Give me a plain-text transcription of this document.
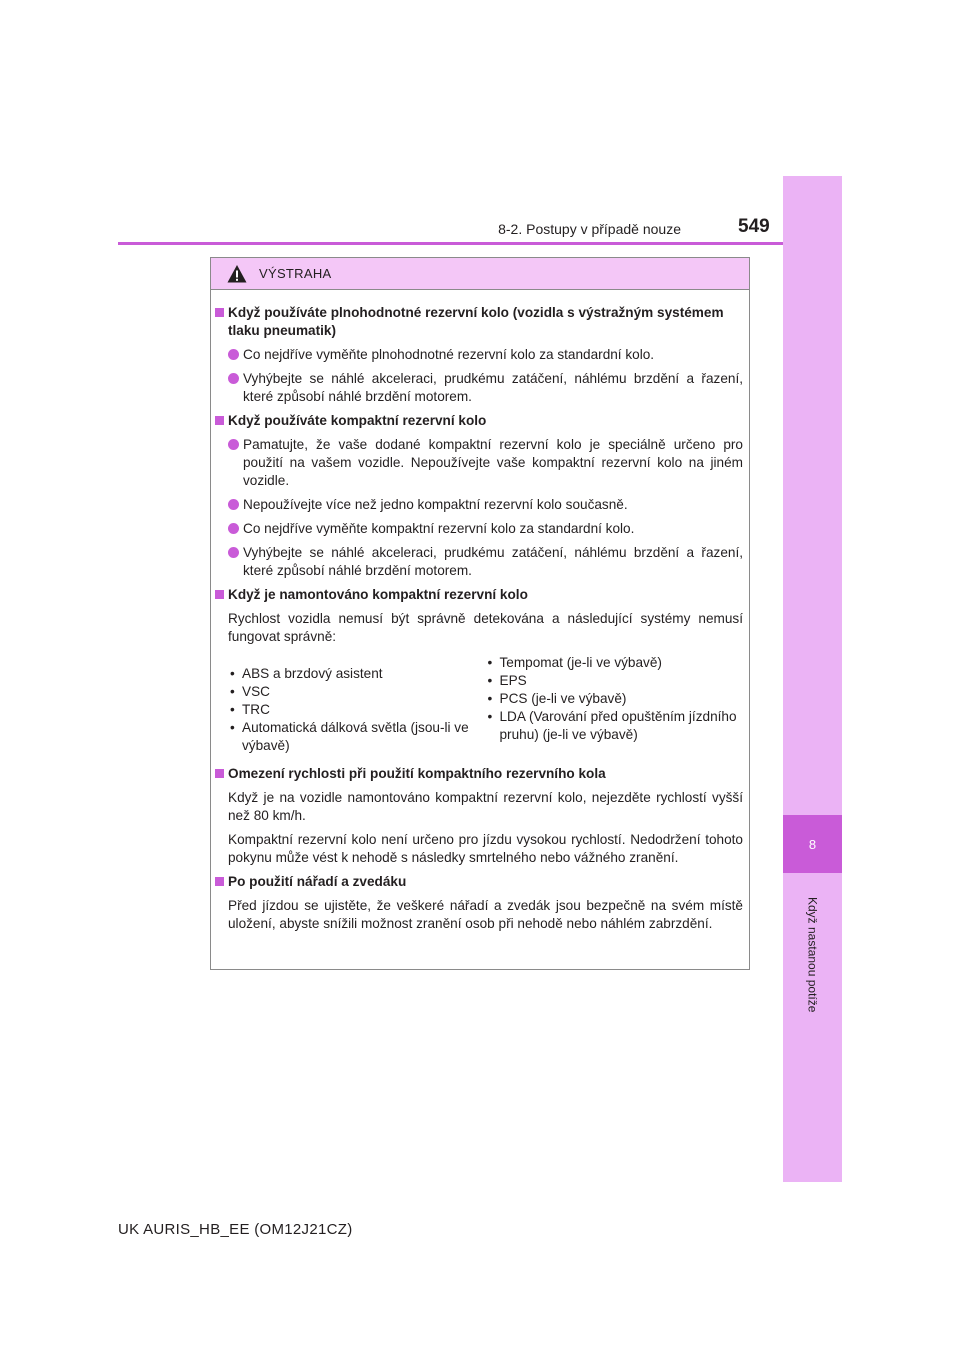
8
Když nastanou potíže
8-2. Postupy v případě nouze	549
VÝSTRAHA
Když používáte plnohodnotné rezervní kolo (vozidla s výstražným systémem tlaku pneumatik)
Co nejdříve vyměňte plnohodnotné rezervní kolo za standardní kolo.
Vyhýbejte se náhlé akceleraci, prudkému zatáčení, náhlému brzdění a řazení, které způsobí náhlé brzdění motorem.
Když používáte kompaktní rezervní kolo
Pamatujte, že vaše dodané kompaktní rezervní kolo je speciálně určeno pro použití na vašem vozidle. Nepoužívejte vaše kompaktní rezervní kolo na jiném vozidle.
Nepoužívejte více než jedno kompaktní rezervní kolo současně.
Co nejdříve vyměňte kompaktní rezervní kolo za standardní kolo.
Vyhýbejte se náhlé akceleraci, prudkému zatáčení, náhlému brzdění a řazení, které způsobí náhlé brzdění motorem.
Když je namontováno kompaktní rezervní kolo
Rychlost vozidla nemusí být správně detekována a následující systémy nemusí fungovat správně:
• ABS a brzdový asistent
• VSC
• TRC
• Automatická dálková světla (jsou-li ve výbavě)
• Tempomat (je-li ve výbavě)
• EPS
• PCS (je-li ve výbavě)
• LDA (Varování před opuštěním jízdního pruhu) (je-li ve výbavě)
Omezení rychlosti při použití kompaktního rezervního kola
Když je na vozidle namontováno kompaktní rezervní kolo, nejezděte rychlostí vyšší než 80 km/h.
Kompaktní rezervní kolo není určeno pro jízdu vysokou rychlostí. Nedodržení tohoto pokynu může vést k nehodě s následky smrtelného nebo vážného zranění.
Po použití nářadí a zvedáku
Před jízdou se ujistěte, že veškeré nářadí a zvedák jsou bezpečně na svém místě uložení, abyste snížili možnost zranění osob při nehodě nebo náhlém zabrzdění.
UK AURIS_HB_EE (OM12J21CZ)
